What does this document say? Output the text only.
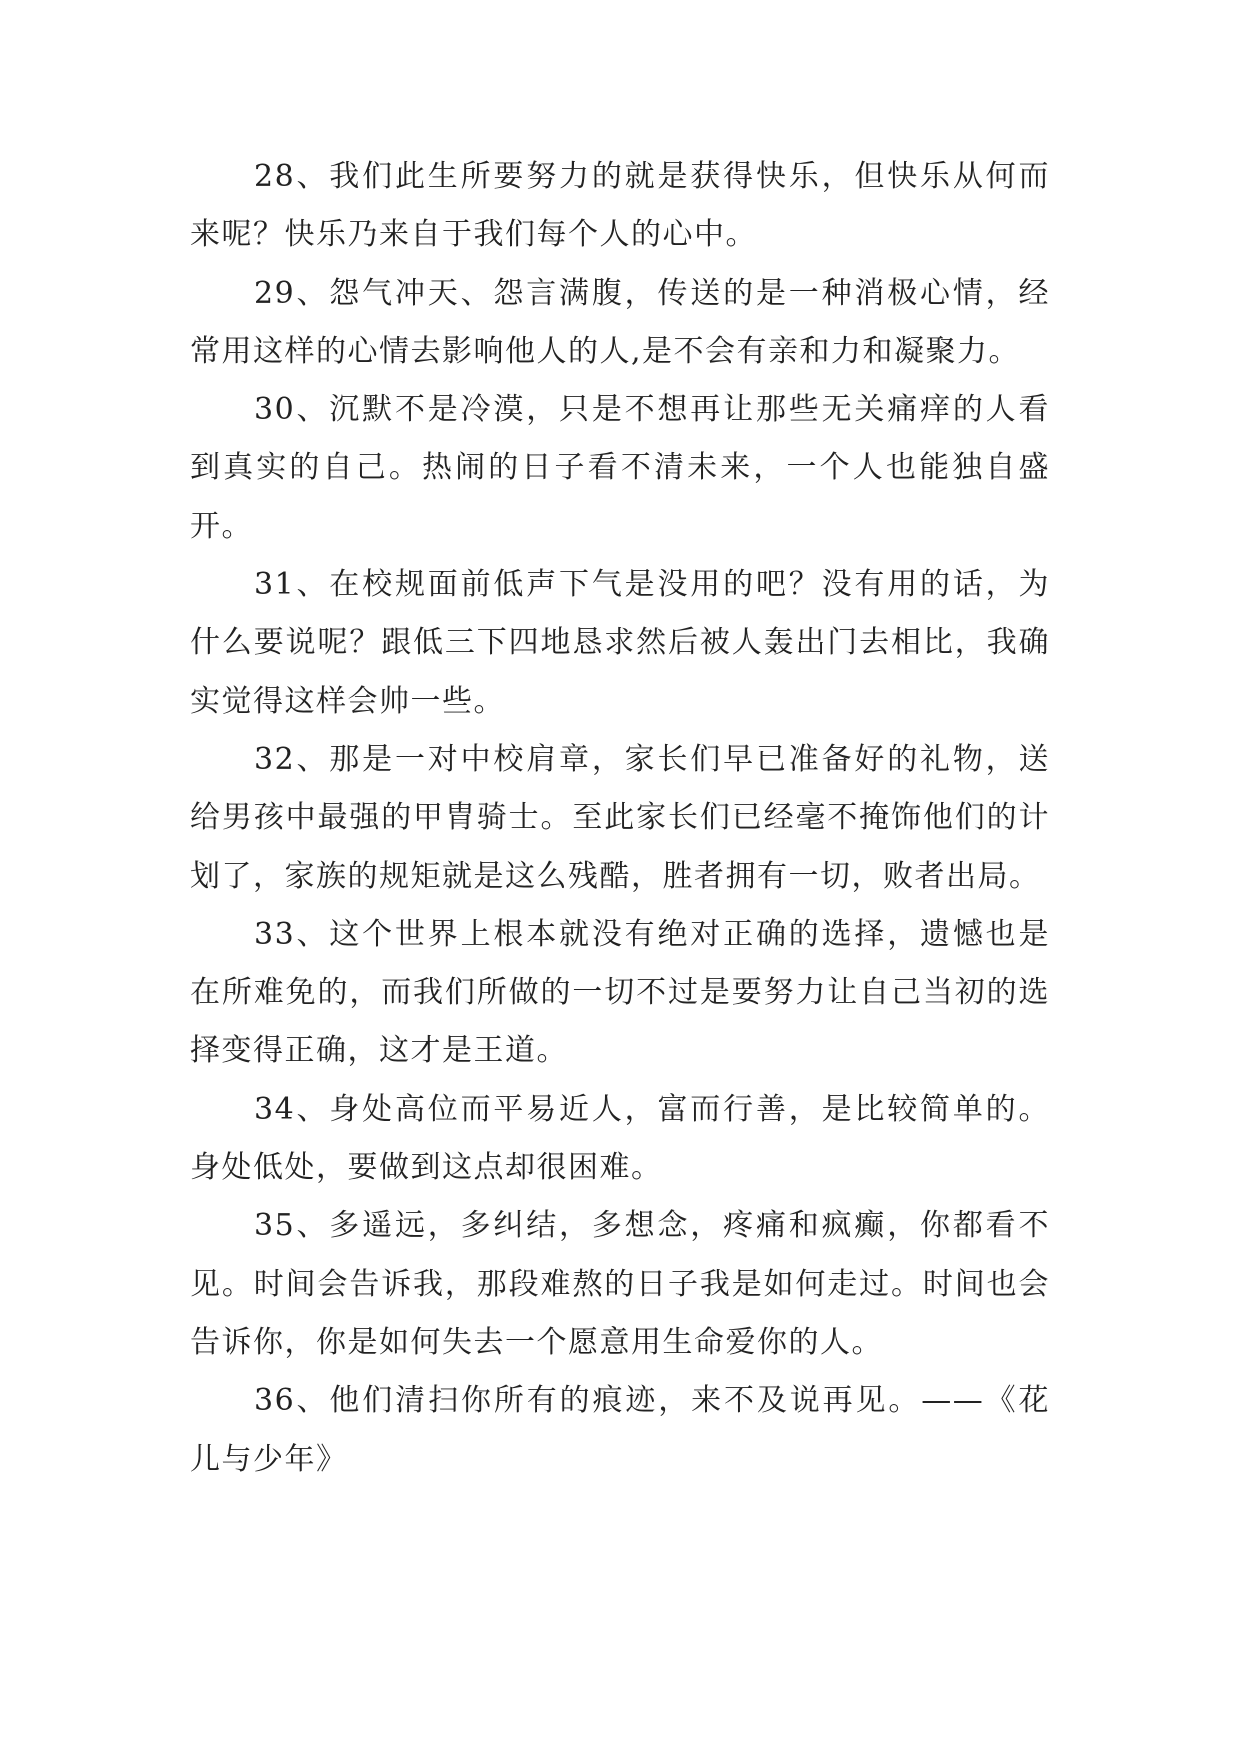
28、我们此生所要努力的就是获得快乐，但快乐从何而来呢？快乐乃来自于我们每个人的心中。

29、怨气冲天、怨言满腹，传送的是一种消极心情，经常用这样的心情去影响他人的人,是不会有亲和力和凝聚力。

30、沉默不是冷漠，只是不想再让那些无关痛痒的人看到真实的自己。热闹的日子看不清未来，一个人也能独自盛开。

31、在校规面前低声下气是没用的吧？没有用的话，为什么要说呢？跟低三下四地恳求然后被人轰出门去相比，我确实觉得这样会帅一些。

32、那是一对中校肩章，家长们早已准备好的礼物，送给男孩中最强的甲胄骑士。至此家长们已经毫不掩饰他们的计划了，家族的规矩就是这么残酷，胜者拥有一切，败者出局。

33、这个世界上根本就没有绝对正确的选择，遗憾也是在所难免的，而我们所做的一切不过是要努力让自己当初的选择变得正确，这才是王道。

34、身处高位而平易近人，富而行善，是比较简单的。身处低处，要做到这点却很困难。

35、多遥远，多纠结，多想念，疼痛和疯癫，你都看不见。时间会告诉我，那段难熬的日子我是如何走过。时间也会告诉你，你是如何失去一个愿意用生命爱你的人。

36、他们清扫你所有的痕迹，来不及说再见。——《花儿与少年》
